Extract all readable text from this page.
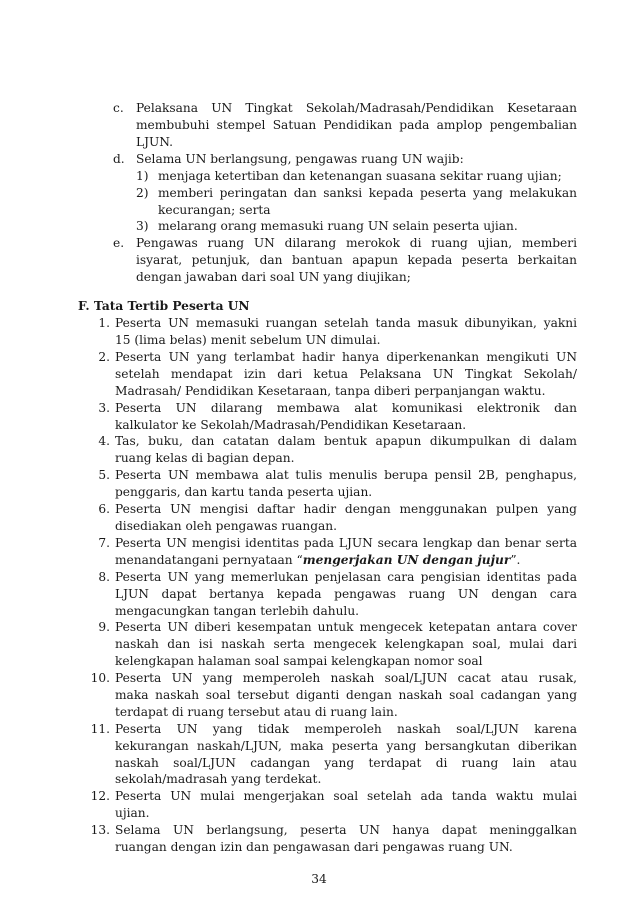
c. Pelaksana UN Tingkat Sekolah/Madrasah/Pendidikan Kesetaraan
membubuhi stempel Satuan Pendidikan pada amplop pengembalian
LJUN.
d. Selama UN berlangsung, pengawas ruang UN wajib:
1) menjaga ketertiban dan ketenangan suasana sekitar ruang ujian;
2) memberi peringatan dan sanksi kepada peserta yang melakukan
kecurangan; serta
3) melarang orang memasuki ruang UN selain peserta ujian.
e. Pengawas ruang UN dilarang merokok di ruang ujian, memberi
isyarat, petunjuk, dan bantuan apapun kepada peserta berkaitan
dengan jawaban dari soal UN yang diujikan;
F. Tata Tertib Peserta UN
1. Peserta UN memasuki ruangan setelah tanda masuk dibunyikan, yakni
15 (lima belas) menit sebelum UN dimulai.
2. Peserta UN yang terlambat hadir hanya diperkenankan mengikuti UN
setelah mendapat izin dari ketua Pelaksana UN Tingkat Sekolah/
Madrasah/ Pendidikan Kesetaraan, tanpa diberi perpanjangan waktu.
3. Peserta UN dilarang membawa alat komunikasi elektronik dan
kalkulator ke Sekolah/Madrasah/Pendidikan Kesetaraan.
4. Tas, buku, dan catatan dalam bentuk apapun dikumpulkan di dalam
ruang kelas di bagian depan.
5. Peserta UN membawa alat tulis menulis berupa pensil 2B, penghapus,
penggaris, dan kartu tanda peserta ujian.
6. Peserta UN mengisi daftar hadir dengan menggunakan pulpen yang
disediakan oleh pengawas ruangan.
7. Peserta UN mengisi identitas pada LJUN secara lengkap dan benar serta
menandatangani pernyataan “mengerjakan UN dengan jujur”.
8. Peserta UN yang memerlukan penjelasan cara pengisian identitas pada
LJUN dapat bertanya kepada pengawas ruang UN dengan cara
mengacungkan tangan terlebih dahulu.
9. Peserta UN diberi kesempatan untuk mengecek ketepatan antara cover
naskah dan isi naskah serta mengecek kelengkapan soal, mulai dari
kelengkapan halaman soal sampai kelengkapan nomor soal
10. Peserta UN yang memperoleh naskah soal/LJUN cacat atau rusak,
maka naskah soal tersebut diganti dengan naskah soal cadangan yang
terdapat di ruang tersebut atau di ruang lain.
11. Peserta UN yang tidak memperoleh naskah soal/LJUN karena
kekurangan naskah/LJUN, maka peserta yang bersangkutan diberikan
naskah soal/LJUN cadangan yang terdapat di ruang lain atau
sekolah/madrasah yang terdekat.
12. Peserta UN mulai mengerjakan soal setelah ada tanda waktu mulai
ujian.
13. Selama UN berlangsung, peserta UN hanya dapat meninggalkan
ruangan dengan izin dan pengawasan dari pengawas ruang UN.
34
